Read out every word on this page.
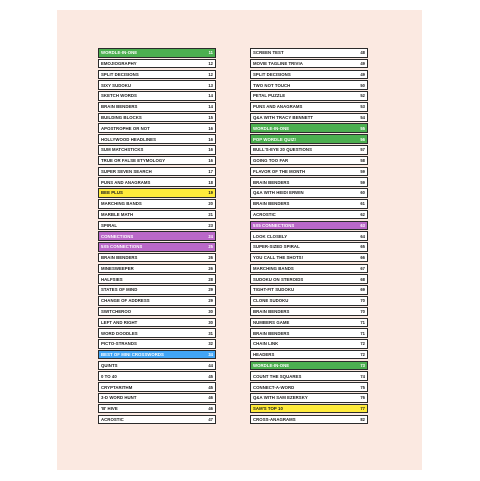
WORDLE-IN-ONE	11
EMOJIOGRAPHY	12
SPLIT DECISIONS	12
SIXY SUDOKU	13
SKETCH WORDS	14
BRAIN BENDERS	14
BUILDING BLOCKS	15
APOSTROPHE OR NOT	16
HOLLYWOOD HEADLINES	16
SUM MATCHSTICKS	16
TRUE OR FALSE ETYMOLOGY	16
SUPER SEVEN SEARCH	17
PUNS AND ANAGRAMS	18
BEE PLUS	19
MARCHING BANDS	20
MARBLE MATH	21
SPIRAL	23
CONNECTIONS	24
5X5 CONNECTIONS	25
BRAIN BENDERS	26
MINESWEEPER	26
HALFSIES	28
STATES OF MIND	29
CHANGE OF ADDRESS	29
SWITCHEROO	30
LEFT AND RIGHT	30
WORD DOODLES	31
PICTO-STRANDS	32
BEST OF MINI CROSSWORDS	34
QUINTS	44
0 TO 40	45
CRYPTARITHM	45
3-D WORD HUNT	46
'B' HIVE	46
ACROSTIC	47
SCREEN TEST	48
MOVIE TAGLINE TRIVIA	49
SPLIT DECISIONS	49
TWO NOT TOUCH	50
PETAL PUZZLE	52
PUNS AND ANAGRAMS	53
Q&A WITH TRACY BENNETT	54
WORDLE-IN-ONE	55
POP WORDLE QUIZ!	56
BULL'S-EYE 20 QUESTIONS	57
GOING TOO FAR	58
FLAVOR OF THE MONTH	59
BRAIN BENDERS	59
Q&A WITH HEIDI ERWIN	60
BRAIN BENDERS	61
ACROSTIC	62
5X5 CONNECTIONS	63
LOOK CLOSELY	64
SUPER-SIZED SPIRAL	65
YOU CALL THE SHOTS!	66
MARCHING BANDS	67
SUDOKU ON STEROIDS	68
TIGHT-FIT SUDOKU	69
CLONE SUDOKU	70
BRAIN BENDERS	70
NUMBERS GAME	71
BRAIN BENDERS	71
CHAIN LINK	72
HEADERS	72
WORDLE-IN-ONE	73
COUNT THE SQUARES	74
CONNECT-A-WORD	75
Q&A WITH SAM EZERSKY	76
SAM'S TOP 10	77
CROSS-ANAGRAMS	82
